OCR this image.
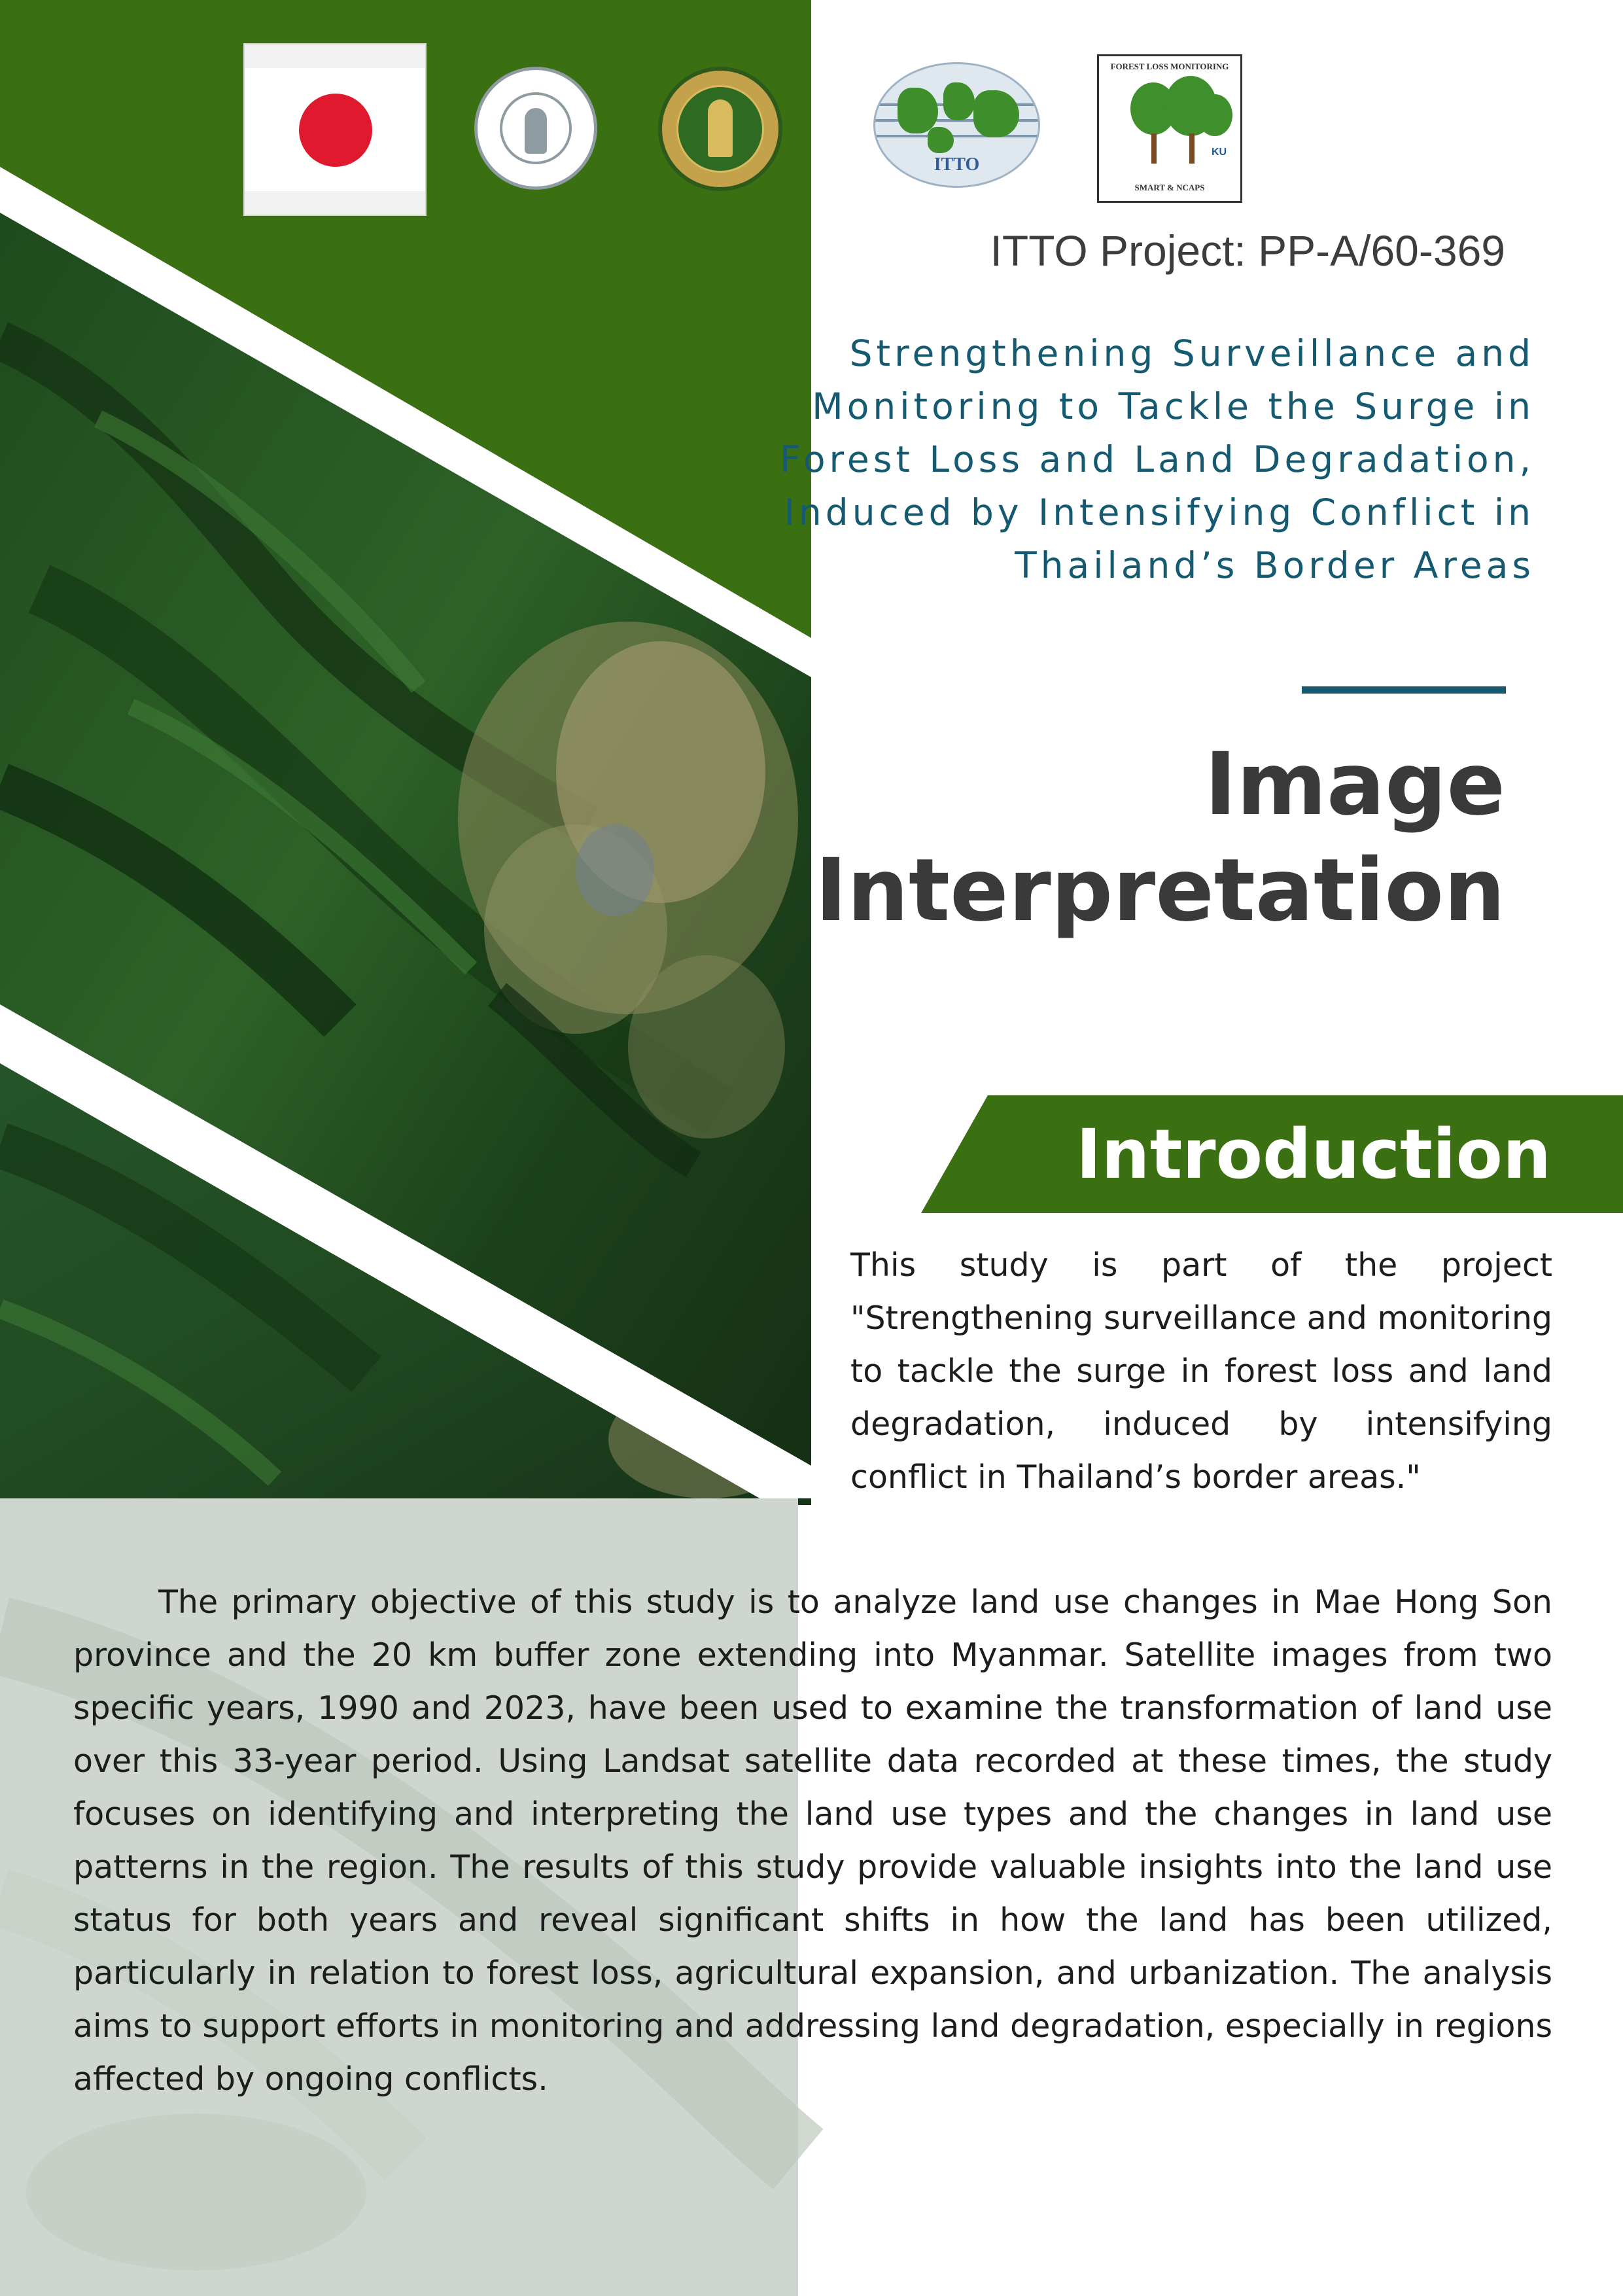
ITTO
FOREST LOSS MONITORING
KU
SMART & NCAPS
ITTO Project: PP-A/60-369
Strengthening Surveillance and Monitoring to Tackle the Surge in Forest Loss and Land Degradation, Induced by Intensifying Conflict in Thailand’s Border Areas
Image Interpretation
Introduction
This study is part of the project "Strengthening surveillance and monitoring to tackle the surge in forest loss and land degradation, induced by intensifying conflict in Thailand’s border areas."
The primary objective of this study is to analyze land use changes in Mae Hong Son province and the 20 km buffer zone extending into Myanmar. Satellite images from two specific years, 1990 and 2023, have been used to examine the transformation of land use over this 33-year period. Using Landsat satellite data recorded at these times, the study focuses on identifying and interpreting the land use types and the changes in land use patterns in the region. The results of this study provide valuable insights into the land use status for both years and reveal significant shifts in how the land has been utilized, particularly in relation to forest loss, agricultural expansion, and urbanization. The analysis aims to support efforts in monitoring and addressing land degradation, especially in regions affected by ongoing conflicts.
